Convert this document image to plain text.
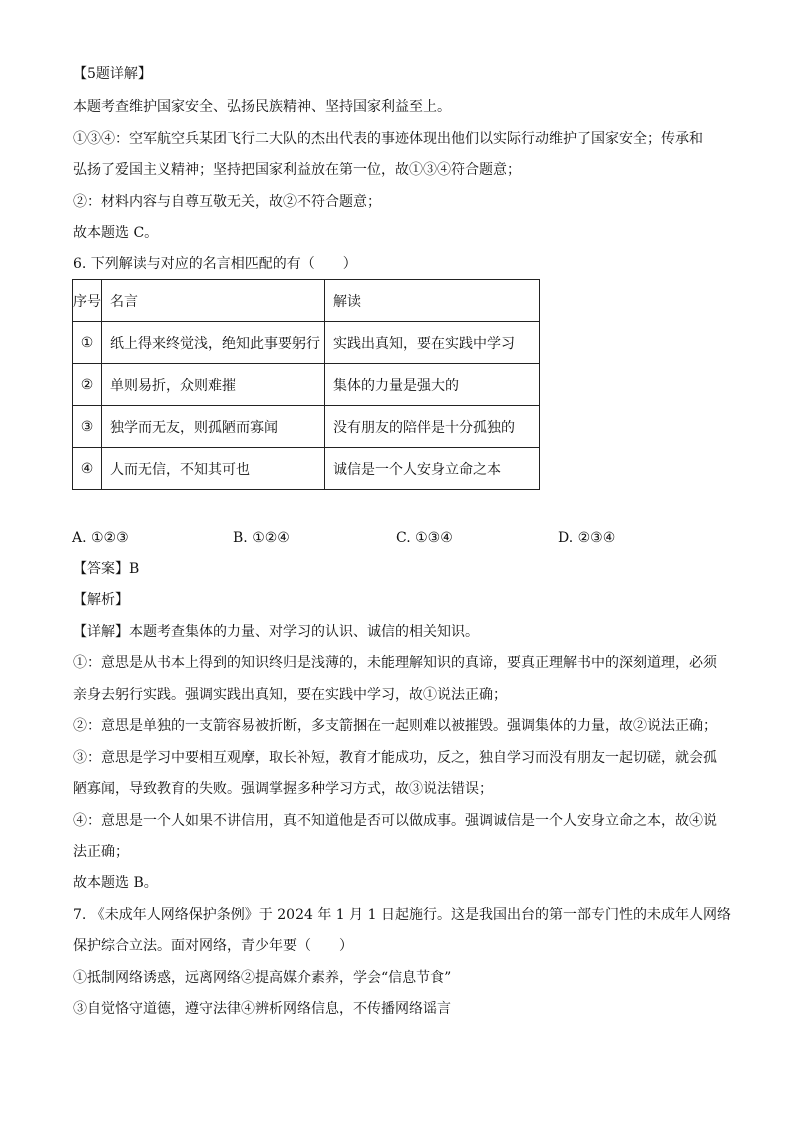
【5题详解】
本题考查维护国家安全、弘扬民族精神、坚持国家利益至上。
①③④：空军航空兵某团飞行二大队的杰出代表的事迹体现出他们以实际行动维护了国家安全；传承和
弘扬了爱国主义精神；坚持把国家利益放在第一位，故①③④符合题意；
②：材料内容与自尊互敬无关，故②不符合题意；
故本题选 C。
6. 下列解读与对应的名言相匹配的有（　　）
序号	名言	解读
①	纸上得来终觉浅，绝知此事要躬行	实践出真知，要在实践中学习
②	单则易折，众则难摧	集体的力量是强大的
③	独学而无友，则孤陋而寡闻	没有朋友的陪伴是十分孤独的
④	人而无信，不知其可也	诚信是一个人安身立命之本
A. ①②③	B. ①②④	C. ①③④	D. ②③④
【答案】B
【解析】
【详解】本题考查集体的力量、对学习的认识、诚信的相关知识。
①：意思是从书本上得到的知识终归是浅薄的，未能理解知识的真谛，要真正理解书中的深刻道理，必须
亲身去躬行实践。强调实践出真知，要在实践中学习，故①说法正确；
②：意思是单独的一支箭容易被折断，多支箭捆在一起则难以被摧毁。强调集体的力量，故②说法正确；
③：意思是学习中要相互观摩，取长补短，教育才能成功，反之，独自学习而没有朋友一起切磋，就会孤
陋寡闻，导致教育的失败。强调掌握多种学习方式，故③说法错误；
④：意思是一个人如果不讲信用，真不知道他是否可以做成事。强调诚信是一个人安身立命之本，故④说
法正确；
故本题选 B。
7. 《未成年人网络保护条例》于 2024 年 1 月 1 日起施行。这是我国出台的第一部专门性的未成年人网络
保护综合立法。面对网络，青少年要（　　）
①抵制网络诱惑，远离网络②提高媒介素养，学会“信息节食”
③自觉恪守道德，遵守法律④辨析网络信息，不传播网络谣言
